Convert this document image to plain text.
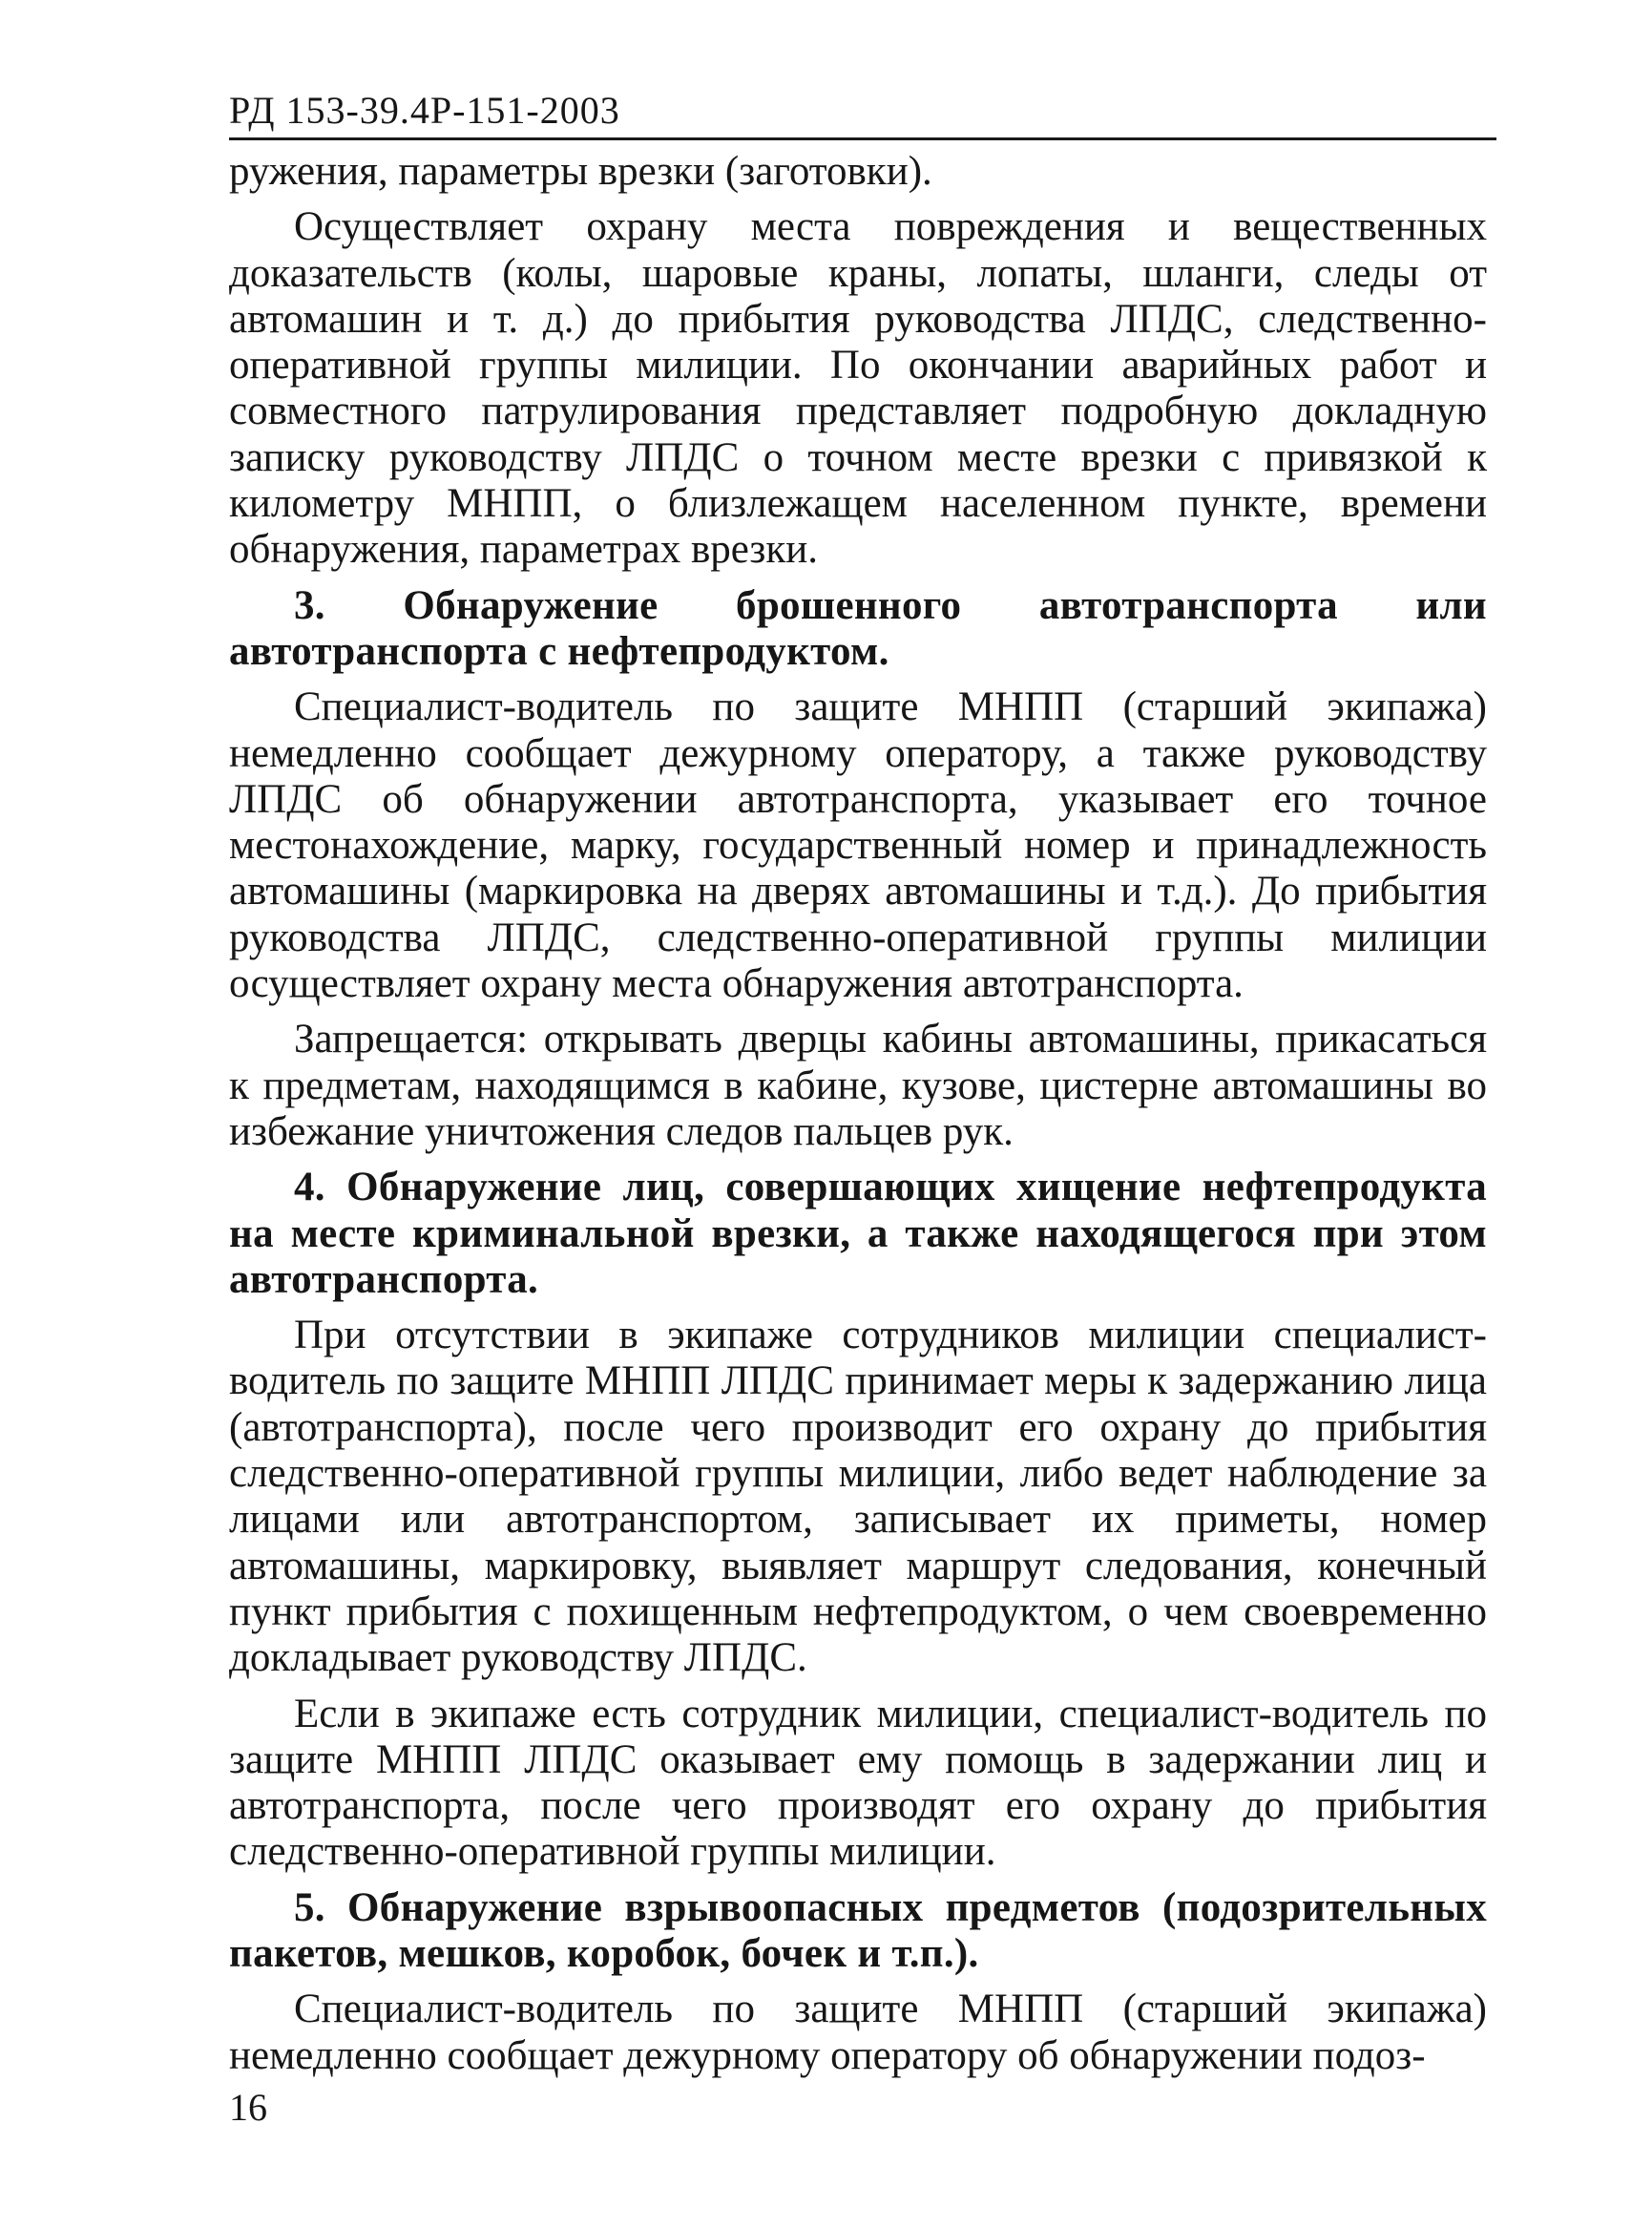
РД 153-39.4Р-151-2003

ружения, параметры врезки (заготовки).

Осуществляет охрану места повреждения и вещественных доказательств (колы, шаровые краны, лопаты, шланги, следы от автомашин и т. д.) до прибытия руководства ЛПДС, следственно-оперативной группы милиции. По окончании аварийных работ и совместного патрулирования представляет подробную докладную записку руководству ЛПДС о точном месте врезки с привязкой к километру МНПП, о близлежащем населенном пункте, времени обнаружения, параметрах врезки.

3. Обнаружение брошенного автотранспорта или автотранспорта с нефтепродуктом.

Специалист-водитель по защите МНПП (старший экипажа) немедленно сообщает дежурному оператору, а также руководству ЛПДС об обнаружении автотранспорта, указывает его точное местонахождение, марку, государственный номер и принадлежность автомашины (маркировка на дверях автомашины и т.д.). До прибытия руководства ЛПДС, следственно-оперативной группы милиции осуществляет охрану места обнаружения автотранспорта.

Запрещается: открывать дверцы кабины автомашины, прикасаться к предметам, находящимся в кабине, кузове, цистерне автомашины во избежание уничтожения следов пальцев рук.

4. Обнаружение лиц, совершающих хищение нефтепродукта на месте криминальной врезки, а также находящегося при этом автотранспорта.

При отсутствии в экипаже сотрудников милиции специалист-водитель по защите МНПП ЛПДС принимает меры к задержанию лица (автотранспорта), после чего производит его охрану до прибытия следственно-оперативной группы милиции, либо ведет наблюдение за лицами или автотранспортом, записывает их приметы, номер автомашины, маркировку, выявляет маршрут следования, конечный пункт прибытия с похищенным нефтепродуктом, о чем своевременно докладывает руководству ЛПДС.

Если в экипаже есть сотрудник милиции, специалист-водитель по защите МНПП ЛПДС оказывает ему помощь в задержании лиц и автотранспорта, после чего производят его охрану до прибытия следственно-оперативной группы милиции.

5. Обнаружение взрывоопасных предметов (подозрительных пакетов, мешков, коробок, бочек и т.п.).

Специалист-водитель по защите МНПП (старший экипажа) немедленно сообщает дежурному оператору об обнаружении подоз-

16
